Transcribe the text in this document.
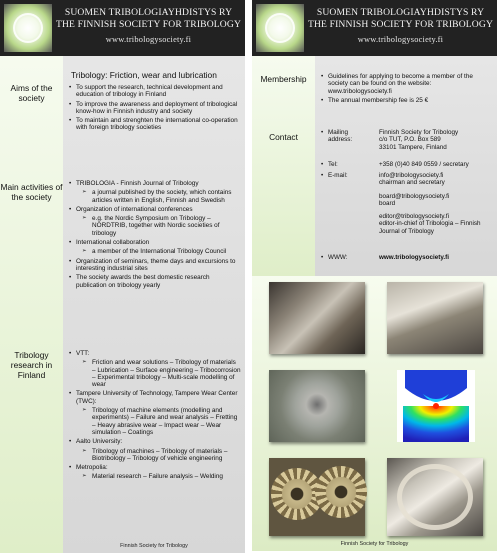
SUOMEN TRIBOLOGIAYHDISTYS RY
THE FINNISH SOCIETY FOR TRIBOLOGY
www.tribologysociety.fi
Aims of the society
Main activities of the society
Tribology research in Finland
Tribology: Friction, wear and lubrication
• To support the research, technical development and education of tribology in Finland
• To improve the awareness and deployment of tribological know-how in Finnish industry and society
• To maintain and strenghten the international co-operation with foreign tribology societies
• TRIBOLOGIA - Finnish Journal of Tribology
➢ a journal published by the society, which contains articles written in English, Finnish and Swedish
• Organization of international conferences
➢ e.g. the Nordic Symposium on Tribology – NORDTRIB, together with Nordic societies of tribology
• International collaboration
➢ a member of the International Tribology Council
• Organization of seminars, theme days and excursions to interesting industrial sites
• The society awards the best domestic research publication on tribology yearly
• VTT:
➢ Friction and wear solutions – Tribology of materials – Lubrication – Surface engineering – Tribocorrosion – Experimental tribology – Multi-scale modelling of wear
• Tampere University of Technology, Tampere Wear Center (TWC):
➢ Tribology of machine elements (modelling and experiments) – Failure and wear analysis – Fretting – Heavy abrasive wear – Impact wear – Wear simulation – Coatings
• Aalto University:
➢ Tribology of machines – Tribology of materials – Biotribology – Tribology of vehicle engineering
• Metropolia:
➢ Material research – Failure analysis – Welding
Finnish Society for Tribology
SUOMEN TRIBOLOGIAYHDISTYS RY
THE FINNISH SOCIETY FOR TRIBOLOGY
www.tribologysociety.fi
Membership
Contact
• Guidelines for applying to become a member of the society can be found on the website: www.tribologysociety.fi
• The annual membership fee is 25 €
• Mailing address:
Finnish Society for Tribology
c/o TUT, P.O. Box 589
33101 Tampere, Finland
• Tel:	+358 (0)40 849 0559 / secretary
• E-mail:	info@tribologysociety.fi
chairman and secretary
board@tribologysociety.fi
board
editor@tribologysociety.fi
editor-in-chief of Tribologia – Finnish Journal of Tribology
• WWW:	www.tribologysociety.fi
Finnish Society for Tribology
